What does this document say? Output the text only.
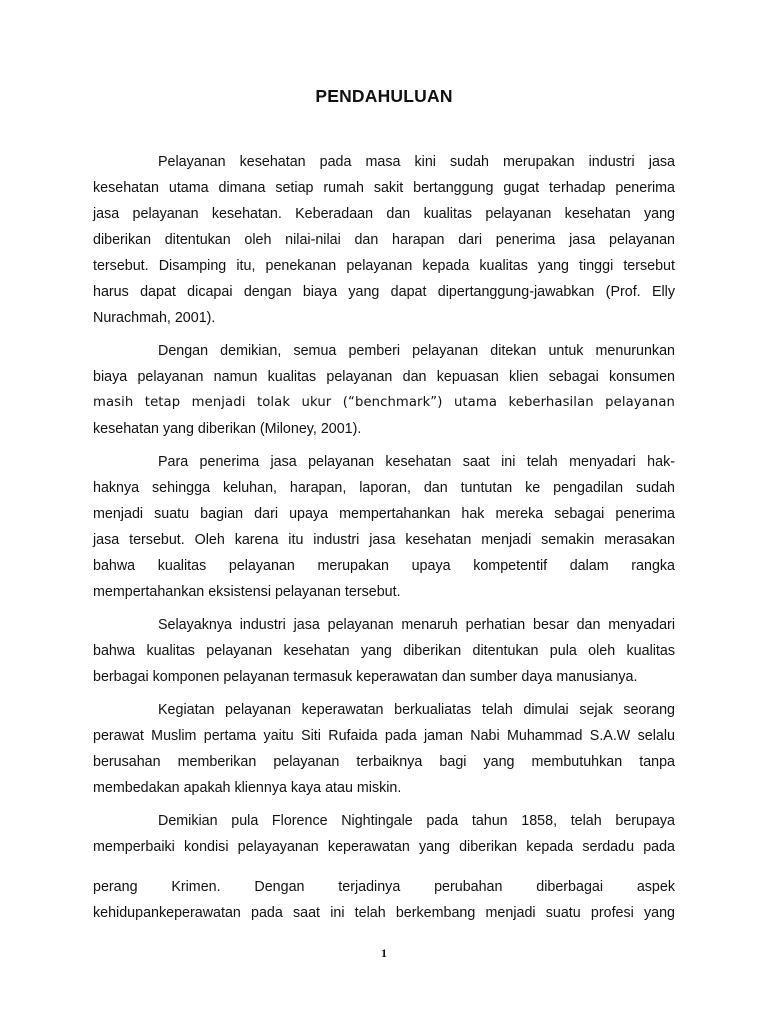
PENDAHULUAN
Pelayanan kesehatan pada masa kini sudah merupakan industri jasa
kesehatan utama dimana setiap rumah sakit bertanggung gugat terhadap penerima
jasa pelayanan kesehatan. Keberadaan dan kualitas pelayanan kesehatan yang
diberikan ditentukan oleh nilai-nilai dan harapan dari penerima jasa pelayanan
tersebut. Disamping itu, penekanan pelayanan kepada kualitas yang tinggi tersebut
harus dapat dicapai dengan biaya yang dapat dipertanggung-jawabkan (Prof. Elly
Nurachmah, 2001).
Dengan demikian, semua pemberi pelayanan ditekan untuk menurunkan
biaya pelayanan namun kualitas pelayanan dan kepuasan klien sebagai konsumen
masih tetap menjadi tolak ukur (“benchmark”) utama keberhasilan pelayanan
kesehatan yang diberikan (Miloney, 2001).
Para penerima jasa pelayanan kesehatan saat ini telah menyadari hak-
haknya sehingga keluhan, harapan, laporan, dan tuntutan ke pengadilan sudah
menjadi suatu bagian dari upaya mempertahankan hak mereka sebagai penerima
jasa tersebut. Oleh karena itu industri jasa kesehatan menjadi semakin merasakan
bahwa kualitas pelayanan merupakan upaya kompetentif dalam rangka
mempertahankan eksistensi pelayanan tersebut.
Selayaknya industri jasa pelayanan menaruh perhatian besar dan menyadari
bahwa kualitas pelayanan kesehatan yang diberikan ditentukan pula oleh kualitas
berbagai komponen pelayanan termasuk keperawatan dan sumber daya manusianya.
Kegiatan pelayanan keperawatan berkualiatas telah dimulai sejak seorang
perawat Muslim pertama yaitu Siti Rufaida pada jaman Nabi Muhammad S.A.W selalu
berusahan memberikan pelayanan terbaiknya bagi yang membutuhkan tanpa
membedakan apakah kliennya kaya atau miskin.
Demikian pula Florence Nightingale pada tahun 1858, telah berupaya
memperbaiki kondisi pelayayanan keperawatan yang diberikan kepada serdadu pada
perang Krimen. Dengan terjadinya perubahan diberbagai aspek
kehidupankeperawatan pada saat ini telah berkembang menjadi suatu profesi yang
1
